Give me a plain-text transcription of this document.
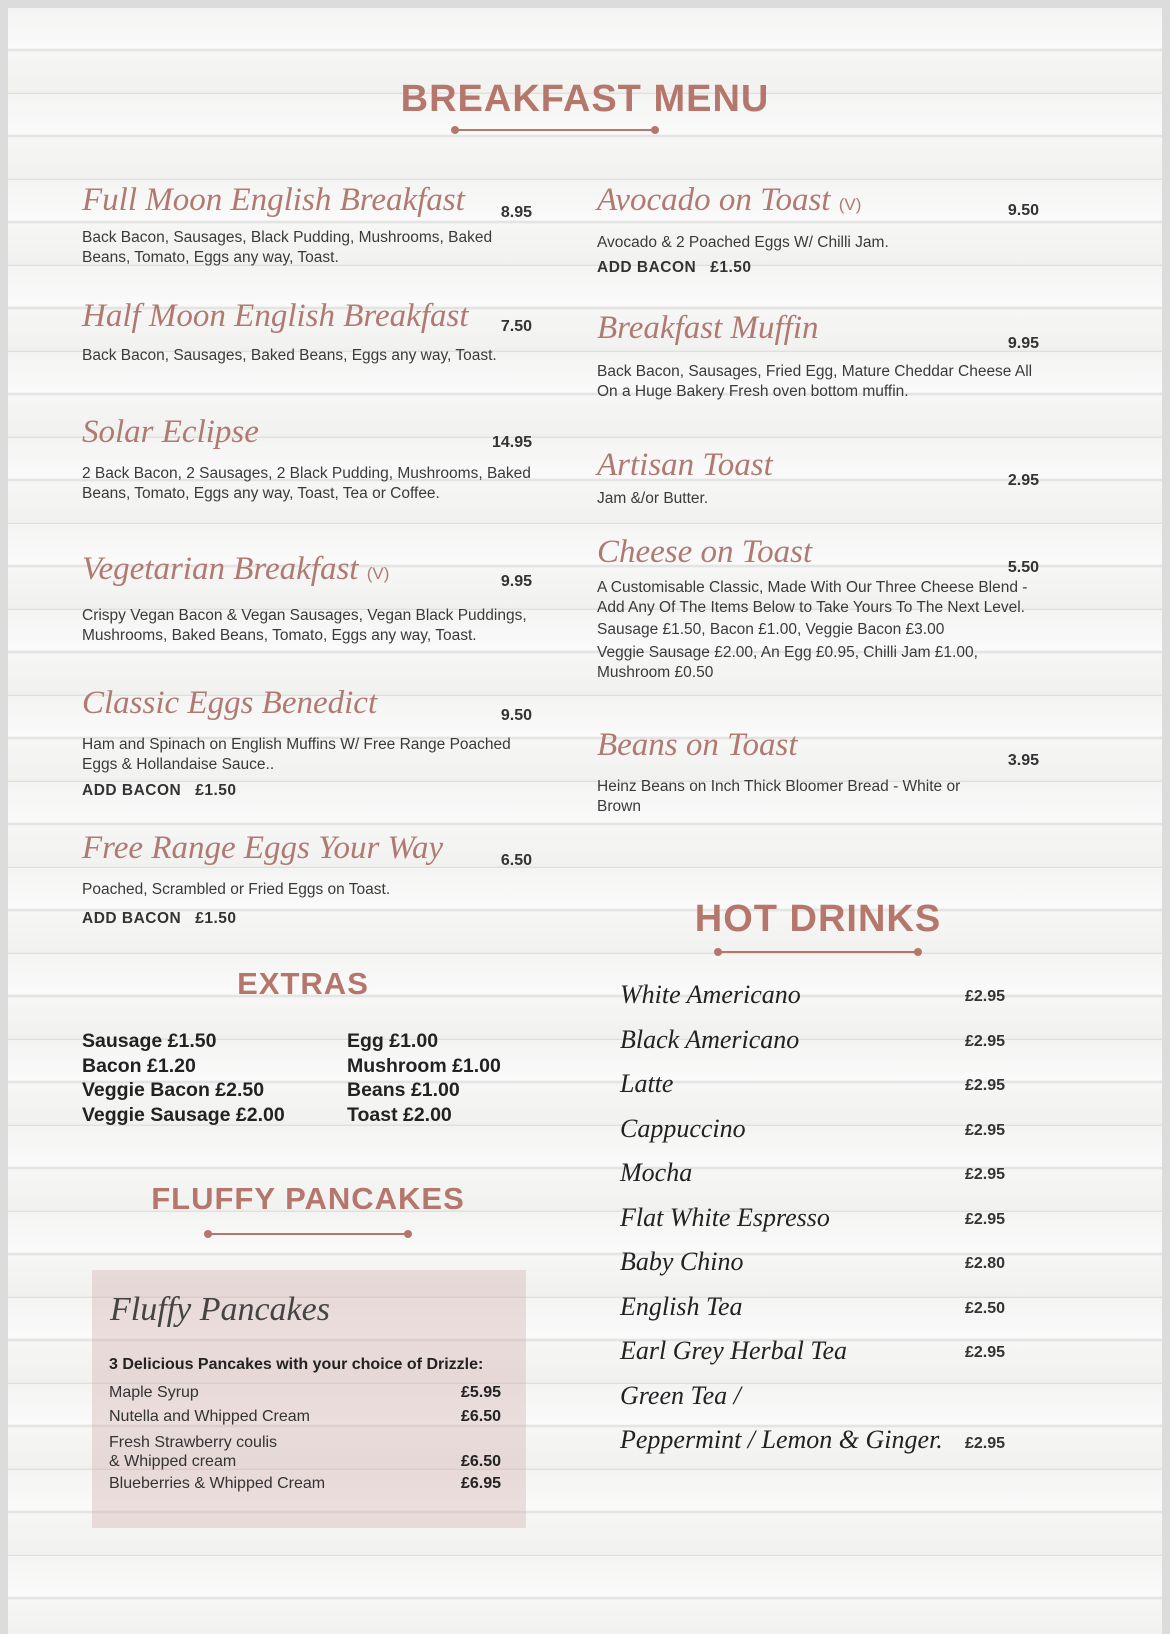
BREAKFAST MENU
Full Moon English Breakfast	8.95
Back Bacon, Sausages, Black Pudding, Mushrooms, Baked Beans, Tomato, Eggs any way, Toast.
Half Moon English Breakfast	7.50
Back Bacon, Sausages, Baked Beans, Eggs any way, Toast.
Solar Eclipse	14.95
2 Back Bacon, 2 Sausages, 2 Black Pudding, Mushrooms, Baked Beans, Tomato, Eggs any way, Toast, Tea or Coffee.
Vegetarian Breakfast (V)	9.95
Crispy Vegan Bacon & Vegan Sausages, Vegan Black Puddings, Mushrooms, Baked Beans, Tomato, Eggs any way, Toast.
Classic Eggs Benedict	9.50
Ham and Spinach on English Muffins W/ Free Range Poached Eggs & Hollandaise Sauce..
ADD BACON £1.50
Free Range Eggs Your Way	6.50
Poached, Scrambled or Fried Eggs on Toast.
ADD BACON £1.50
EXTRAS
Sausage £1.50
Bacon £1.20
Veggie Bacon £2.50
Veggie Sausage £2.00
Egg £1.00
Mushroom £1.00
Beans £1.00
Toast £2.00
FLUFFY PANCAKES
Fluffy Pancakes
3 Delicious Pancakes with your choice of Drizzle:
Maple Syrup	£5.95
Nutella and Whipped Cream	£6.50
Fresh Strawberry coulis
& Whipped cream	£6.50
Blueberries & Whipped Cream	£6.95
Avocado on Toast (V)	9.50
Avocado & 2 Poached Eggs W/ Chilli Jam.
ADD BACON £1.50
Breakfast Muffin	9.95
Back Bacon, Sausages, Fried Egg, Mature Cheddar Cheese All On a Huge Bakery Fresh oven bottom muffin.
Artisan Toast	2.95
Jam &/or Butter.
Cheese on Toast	5.50
A Customisable Classic, Made With Our Three Cheese Blend - Add Any Of The Items Below to Take Yours To The Next Level.
Sausage £1.50, Bacon £1.00, Veggie Bacon £3.00
Veggie Sausage £2.00, An Egg £0.95, Chilli Jam £1.00, Mushroom £0.50
Beans on Toast	3.95
Heinz Beans on Inch Thick Bloomer Bread - White or Brown
HOT DRINKS
White Americano	£2.95
Black Americano	£2.95
Latte	£2.95
Cappuccino	£2.95
Mocha	£2.95
Flat White Espresso	£2.95
Baby Chino	£2.80
English Tea	£2.50
Earl Grey Herbal Tea	£2.95
Green Tea /
Peppermint / Lemon & Ginger. £2.95
